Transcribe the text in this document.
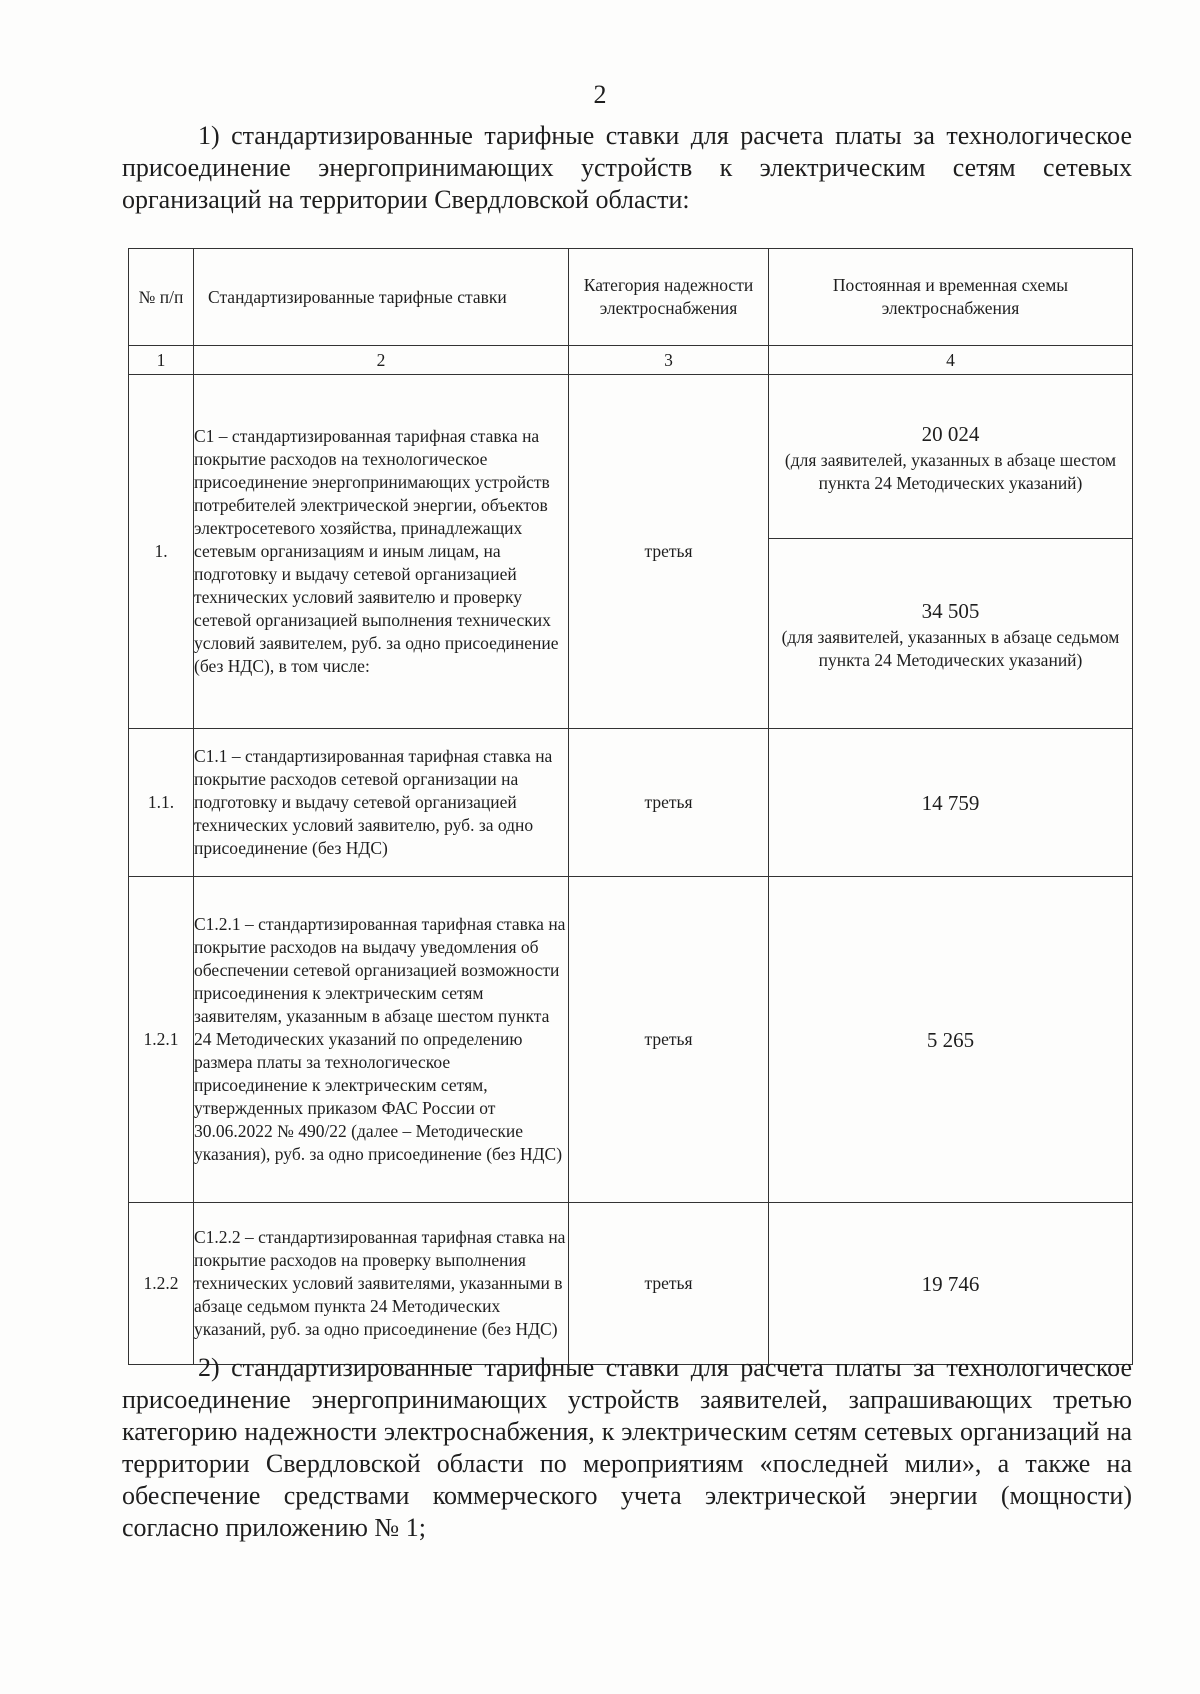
2
1) стандартизированные тарифные ставки для расчета платы за технологическое присоединение энергопринимающих устройств к электрическим сетям сетевых организаций на территории Свердловской области:
№ п/п	Стандартизированные тарифные ставки	Категория надежности электроснабжения	Постоянная и временная схемы электроснабжения
1	2	3	4
1.	С1 – стандартизированная тарифная ставка на покрытие расходов на технологическое присоединение энергопринимающих устройств потребителей электрической энергии, объектов электросетевого хозяйства, принадлежащих сетевым организациям и иным лицам, на подготовку и выдачу сетевой организацией технических условий заявителю и проверку сетевой организацией выполнения технических условий заявителем, руб. за одно присоединение (без НДС), в том числе:	третья	20 024
(для заявителей, указанных в абзаце шестом пункта 24 Методических указаний)

			34 505
(для заявителей, указанных в абзаце седьмом пункта 24 Методических указаний)

1.1.	С1.1 – стандартизированная тарифная ставка на покрытие расходов сетевой организации на подготовку и выдачу сетевой организацией технических условий заявителю, руб. за одно присоединение (без НДС)	третья	14 759

1.2.1	С1.2.1 – стандартизированная тарифная ставка на покрытие расходов на выдачу уведомления об обеспечении сетевой организацией возможности присоединения к электрическим сетям заявителям, указанным в абзаце шестом пункта 24 Методических указаний по определению размера платы за технологическое присоединение к электрическим сетям, утвержденных приказом ФАС России от 30.06.2022 № 490/22 (далее – Методические указания), руб. за одно присоединение (без НДС)	третья	5 265

1.2.2	С1.2.2 – стандартизированная тарифная ставка на покрытие расходов на проверку выполнения технических условий заявителями, указанными в абзаце седьмом пункта 24 Методических указаний, руб. за одно присоединение (без НДС)	третья	19 746
2) стандартизированные тарифные ставки для расчета платы за технологическое присоединение энергопринимающих устройств заявителей, запрашивающих третью категорию надежности электроснабжения, к электрическим сетям сетевых организаций на территории Свердловской области по мероприятиям «последней мили», а также на обеспечение средствами коммерческого учета электрической энергии (мощности) согласно приложению № 1;
